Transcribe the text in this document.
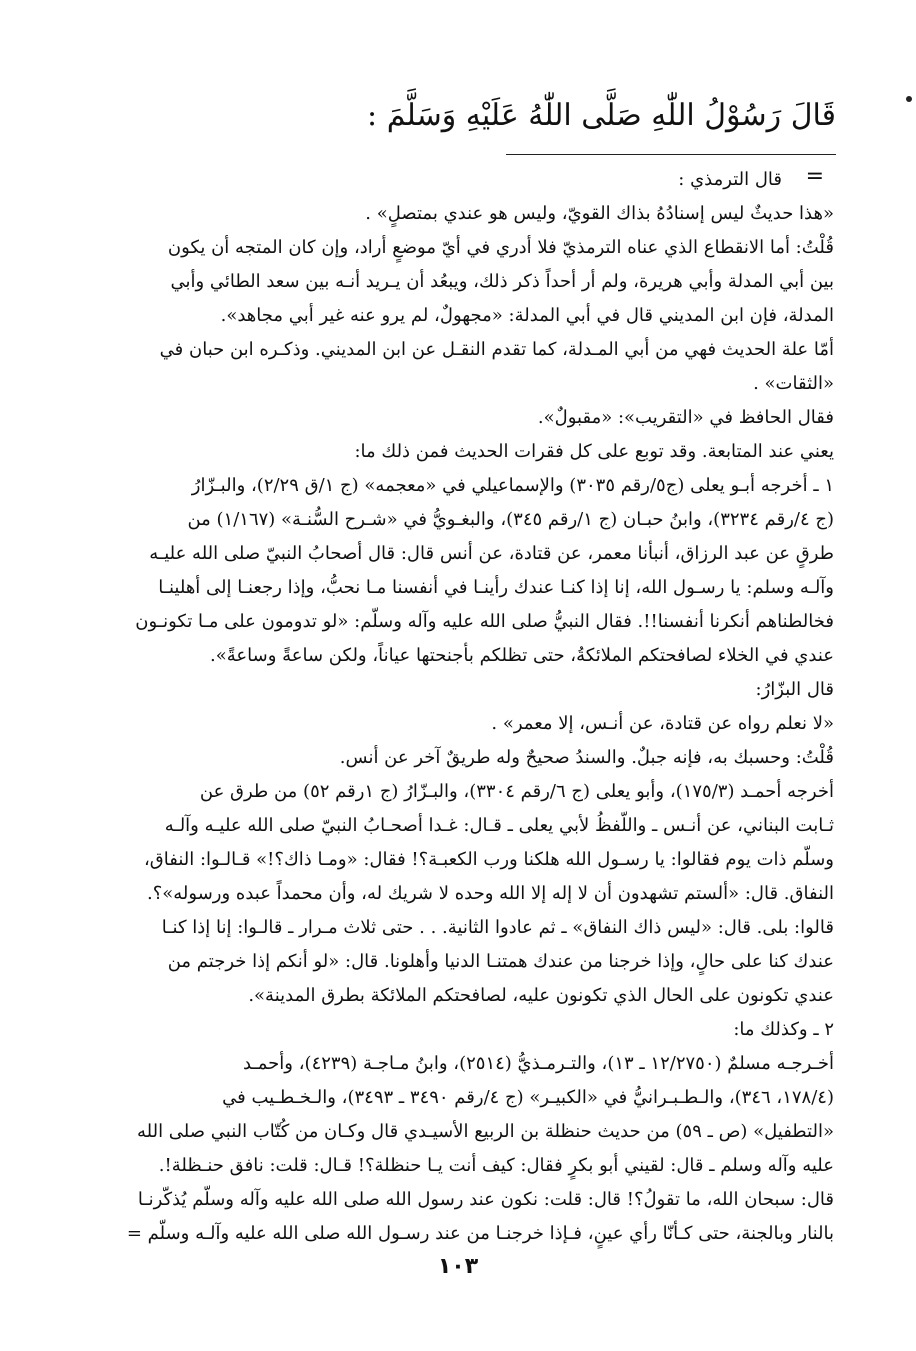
قَالَ رَسُوْلُ اللّٰهِ صَلَّى اللّٰهُ عَلَيْهِ وَسَلَّمَ :
=
قال الترمذي :
«هذا حديثٌ ليس إسنادُهُ بذاك القويّ، وليس هو عندي بمتصلٍ» .
قُلْتُ: أما الانقطاع الذي عناه الترمذيّ فلا أدري في أيّ موضعٍ أراد، وإن كان المتجه أن يكون
بين أبي المدلة وأبي هريرة، ولم أر أحداً ذكر ذلك، ويبعُد أن يـريد أنـه بين سعد الطائي وأبي
المدلة، فإن ابن المديني قال في أبي المدلة: «مجهولٌ، لم يرو عنه غير أبي مجاهد».
أمّا علة الحديث فهي من أبي المـدلة، كما تقدم النقـل عن ابن المديني. وذكـره ابن حبان في
«الثقات» .
فقال الحافظ في «التقريب»: «مقبولٌ».
يعني عند المتابعة. وقد توبع على كل فقرات الحديث فمن ذلك ما:
١ ـ أخرجه أبـو يعلى (ج٥/رقم ٣٠٣٥) والإسماعيلي في «معجمه» (ج ١/ق ٢/٢٩)، والبـزّارُ
(ج ٤/رقم ٣٢٣٤)، وابنُ حبـان (ج ١/رقم ٣٤٥)، والبغـويُّ في «شـرح السُّنـة» (١/١٦٧) من
طرقٍ عن عبد الرزاق، أنبأنا معمر، عن قتادة، عن أنس قال: قال أصحابُ النبيّ صلى الله عليـه
وآلـه وسلم: يا رسـول الله، إنا إذا كنـا عندك رأينـا في أنفسنا مـا نحبُّ، وإذا رجعنـا إلى أهلينـا
فخالطناهم أنكرنا أنفسنا!!. فقال النبيُّ صلى الله عليه وآله وسلّم: «لو تدومون على مـا تكونـون
عندي في الخلاء لصافحتكم الملائكةُ، حتى تظلكم بأجنحتها عياناً، ولكن ساعةً وساعةً».
قال البزّارُ:
«لا نعلم رواه عن قتادة، عن أنـس، إلا معمر» .
قُلْتُ: وحسبك به، فإنه جبلٌ. والسندُ صحيحٌ وله طريقٌ آخر عن أنس.
أخرجه أحمـد (١٧٥/٣)، وأبو يعلى (ج ٦/رقم ٣٣٠٤)، والبـزّارُ (ج ١رقم ٥٢) من طرق عن
ثـابت البناني، عن أنـس ـ واللّفظُ لأبي يعلى ـ قـال: غـدا أصحـابُ النبيّ صلى الله عليـه وآلـه
وسلّم ذات يوم فقالوا: يا رسـول الله هلكنا ورب الكعبـة؟! فقال: «ومـا ذاك؟!» قـالـوا: النفاق،
النفاق. قال: «ألستم تشهدون أن لا إله إلا الله وحده لا شريك له، وأن محمداً عبده ورسوله»؟.
قالوا: بلى. قال: «ليس ذاك النفاق» ـ ثم عادوا الثانية. . . حتى ثلاث مـرار ـ قالـوا: إنا إذا كنـا
عندك كنا على حالٍ، وإذا خرجنا من عندك همتنـا الدنيا وأهلونا. قال: «لو أنكم إذا خرجتم من
عندي تكونون على الحال الذي تكونون عليه، لصافحتكم الملائكة بطرق المدينة».
٢ ـ وكذلك ما:
أخـرجـه مسلمٌ (١٢/٢٧٥٠ ـ ١٣)، والتـرمـذيُّ (٢٥١٤)، وابنُ مـاجـة (٤٢٣٩)، وأحمـد
(١٧٨/٤، ٣٤٦)، والـطـبـرانيُّ في «الكبيـر» (ج ٤/رقم ٣٤٩٠ ـ ٣٤٩٣)، والـخـطـيب في
«التطفيل» (ص ـ ٥٩) من حديث حنظلة بن الربيع الأسيـدي قال وكـان من كُتّاب النبي صلى الله
عليه وآله وسلم ـ قال: لقيني أبو بكرٍ فقال: كيف أنت يـا حنظلة؟! قـال: قلت: نافق حنـظلة!.
قال: سبحان الله، ما تقولُ؟! قال: قلت: نكون عند رسول الله صلى الله عليه وآله وسلّم يُذكّرنـا
بالنار وبالجنة، حتى كـأنّا رأي عينٍ، فـإذا خرجنـا من عند رسـول الله صلى الله عليه وآلـه وسلّم =
١٠٣
